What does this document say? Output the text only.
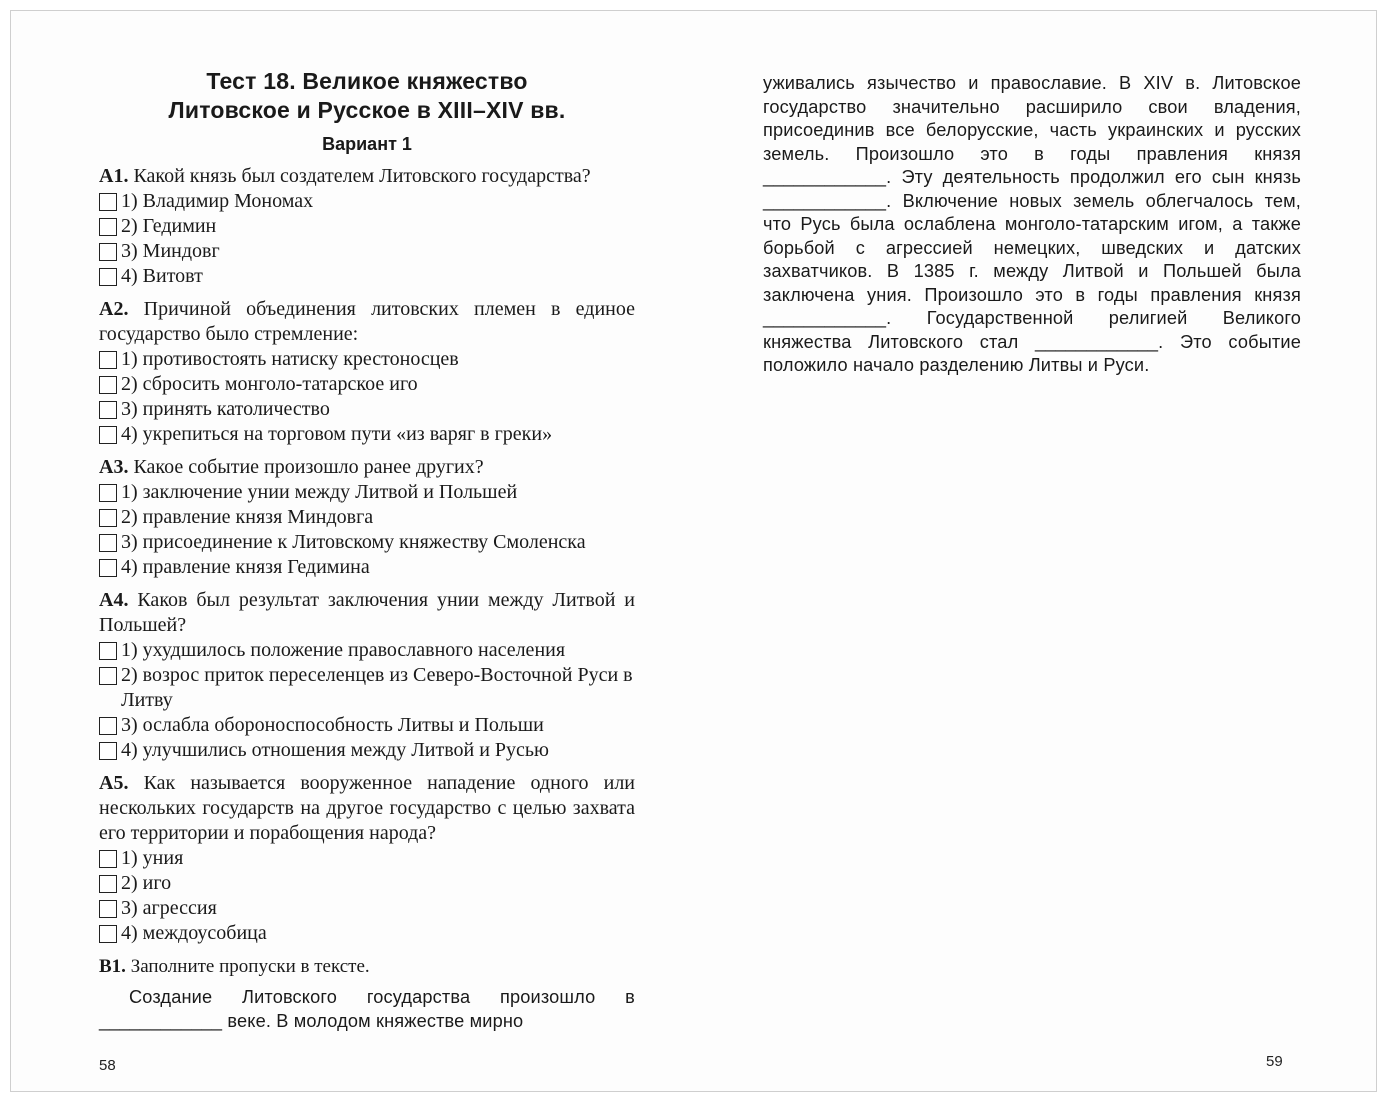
Тест 18. Великое княжество
Литовское и Русское в XIII–XIV вв.
Вариант 1
А1. Какой князь был создателем Литовского государства?
1) Владимир Мономах
2) Гедимин
3) Миндовг
4) Витовт
А2. Причиной объединения литовских племен в единое государство было стремление:
1) противостоять натиску крестоносцев
2) сбросить монголо-татарское иго
3) принять католичество
4) укрепиться на торговом пути «из варяг в греки»
А3. Какое событие произошло ранее других?
1) заключение унии между Литвой и Польшей
2) правление князя Миндовга
3) присоединение к Литовскому княжеству Смоленска
4) правление князя Гедимина
А4. Каков был результат заключения унии между Литвой и Польшей?
1) ухудшилось положение православного населения
2) возрос приток переселенцев из Северо-Восточной Руси в Литву
3) ослабла обороноспособность Литвы и Польши
4) улучшились отношения между Литвой и Русью
А5. Как называется вооруженное нападение одного или нескольких государств на другое государство с целью захвата его территории и порабощения народа?
1) уния
2) иго
3) агрессия
4) междоусобица
В1. Заполните пропуски в тексте.
Создание Литовского государства произошло в ____________ веке. В молодом княжестве мирно
уживались язычество и православие. В XIV в. Литовское государство значительно расширило свои владения, присоединив все белорусские, часть украинских и русских земель. Произошло это в годы правления князя ____________. Эту деятельность продолжил его сын князь ____________. Включение новых земель облегчалось тем, что Русь была ослаблена монголо-татарским игом, а также борьбой с агрессией немецких, шведских и датских захватчиков. В 1385 г. между Литвой и Польшей была заключена уния. Произошло это в годы правления князя ____________. Государственной религией Великого княжества Литовского стал ____________. Это событие положило начало разделению Литвы и Руси.
58	59
